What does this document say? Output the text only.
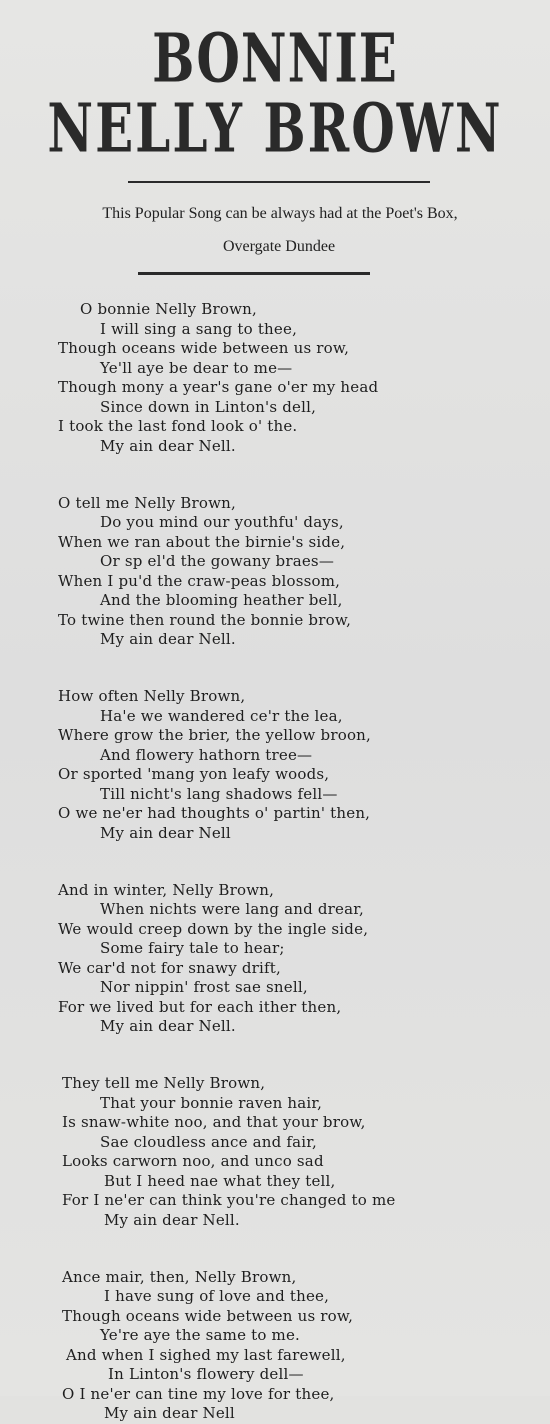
BONNIE
NELLY BROWN
This Popular Song can be always had at the Poet's Box,
Overgate Dundee
O bonnie Nelly Brown,
I will sing a sang to thee,
Though oceans wide between us row,
Ye'll aye be dear to me—
Though mony a year's gane o'er my head
Since down in Linton's dell,
I took the last fond look o' the.
My ain dear Nell.
O tell me Nelly Brown,
Do you mind our youthfu' days,
When we ran about the birnie's side,
Or sp el'd the gowany braes—
When I pu'd the craw-peas blossom,
And the blooming heather bell,
To twine then round the bonnie brow,
My ain dear Nell.
How often Nelly Brown,
Ha'e we wandered ce'r the lea,
Where grow the brier, the yellow broon,
And flowery hathorn tree—
Or sported 'mang yon leafy woods,
Till nicht's lang shadows fell—
O we ne'er had thoughts o' partin' then,
My ain dear Nell
And in winter, Nelly Brown,
When nichts were lang and drear,
We would creep down by the ingle side,
Some fairy tale to hear;
We car'd not for snawy drift,
Nor nippin' frost sae snell,
For we lived but for each ither then,
My ain dear Nell.
They tell me Nelly Brown,
That your bonnie raven hair,
Is snaw-white noo, and that your brow,
Sae cloudless ance and fair,
Looks carworn noo, and unco sad
But I heed nae what they tell,
For I ne'er can think you're changed to me
My ain dear Nell.
Ance mair, then, Nelly Brown,
I have sung of love and thee,
Though oceans wide between us row,
Ye're aye the same to me.
And when I sighed my last farewell,
In Linton's flowery dell—
O I ne'er can tine my love for thee,
My ain dear Nell
